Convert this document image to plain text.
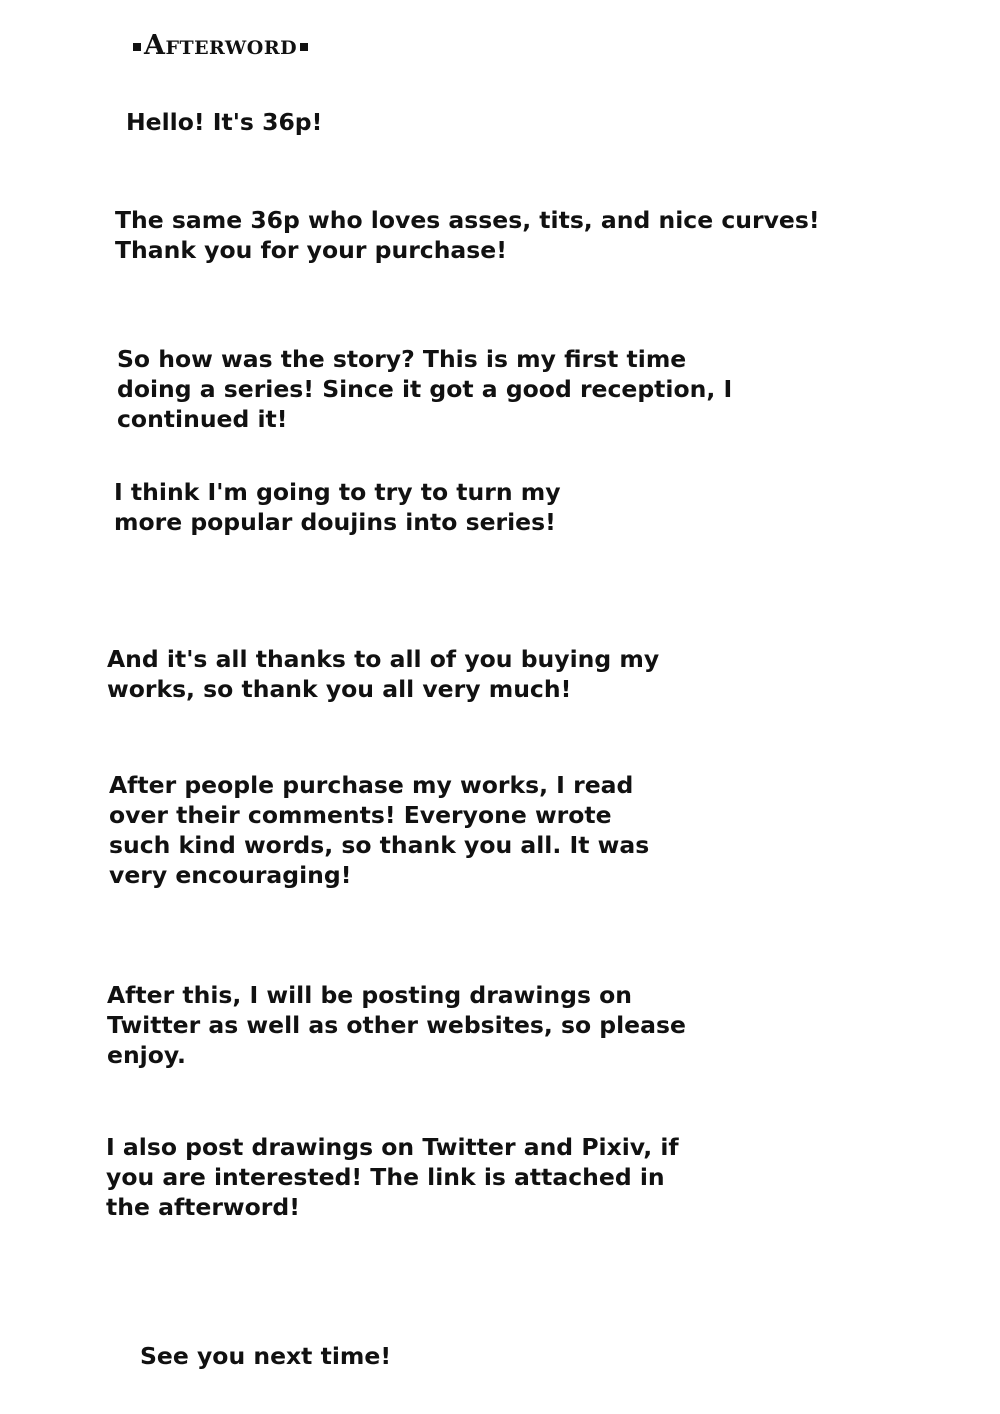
Afterword

Hello! It's 36p!

The same 36p who loves asses, tits, and nice curves!
Thank you for your purchase!

So how was the story? This is my first time
doing a series! Since it got a good reception, I
continued it!

I think I'm going to try to turn my
more popular doujins into series!

And it's all thanks to all of you buying my
works, so thank you all very much!

After people purchase my works, I read
over their comments! Everyone wrote
such kind words, so thank you all. It was
very encouraging!

After this, I will be posting drawings on
Twitter as well as other websites, so please
enjoy.

I also post drawings on Twitter and Pixiv, if
you are interested! The link is attached in
the afterword!

See you next time!
